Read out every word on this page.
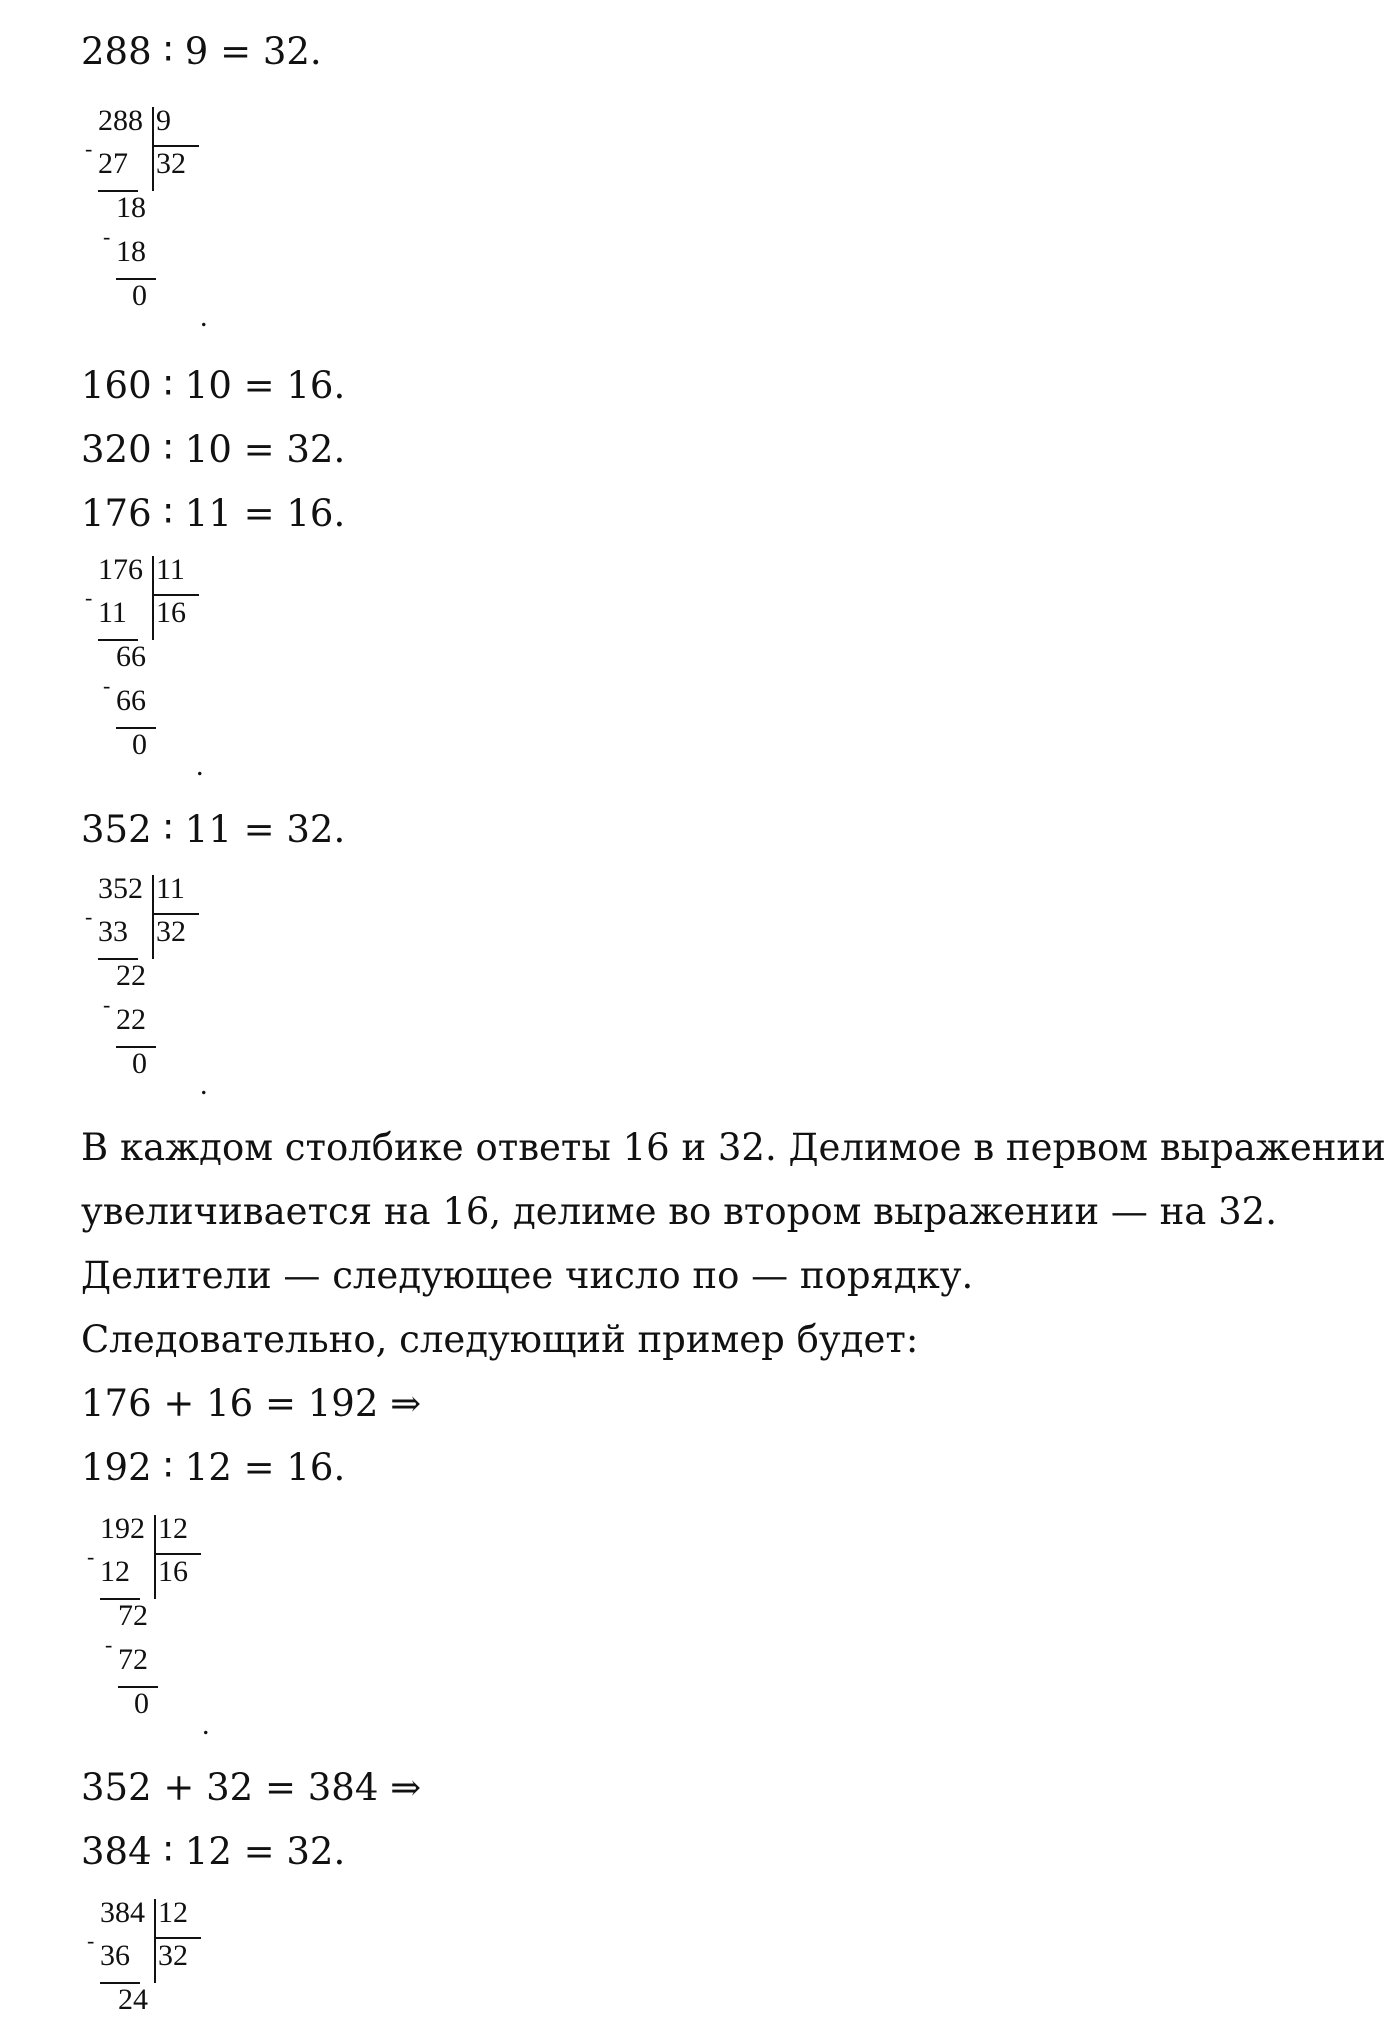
288 ∶ 9 = 32.

288 9
- 27 32
18
- 18
0
.

160 ∶ 10 = 16.

320 ∶ 10 = 32.

176 ∶ 11 = 16.

176 11
- 11 16
66
- 66
0
.

352 ∶ 11 = 32.

352 11
- 33 32
22
- 22
0
.

В каждом столбике ответы 16 и 32. Делимое в первом выражении

увеличивается на 16, делиме во втором выражении — на 32.

Делители — следующее число по — порядку.

Следовательно, следующий пример будет:

176 + 16 = 192 ⇒

192 ∶ 12 = 16.

192 12
- 12 16
72
- 72
0
.

352 + 32 = 384 ⇒

384 ∶ 12 = 32.

384 12
- 36 32
24
